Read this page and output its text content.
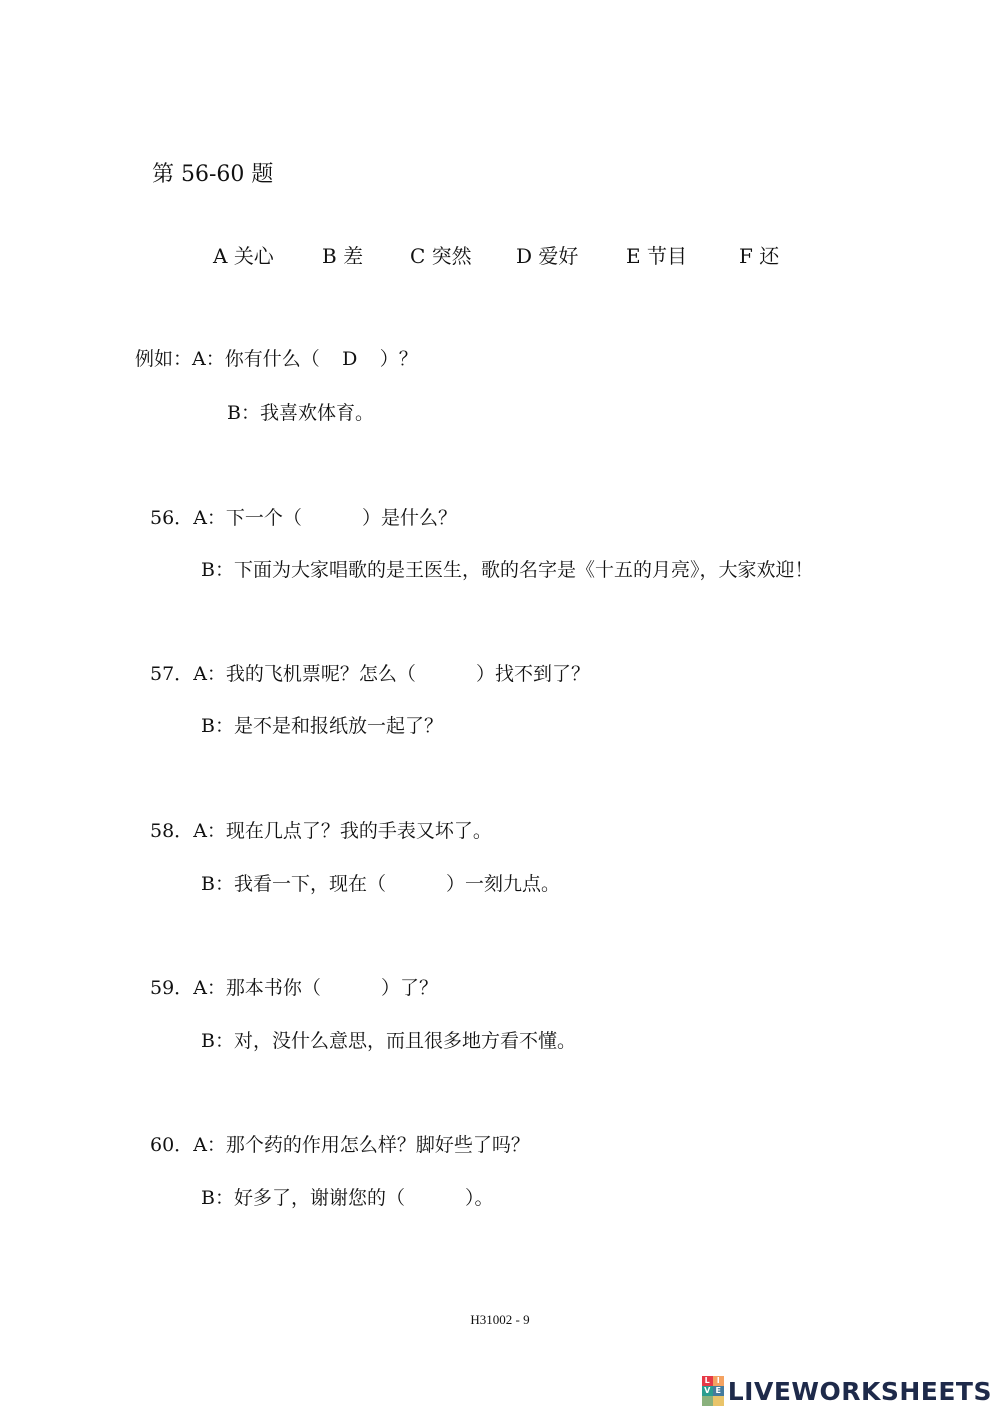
第 56-60 题
A 关心 B 差 C 突然 D 爱好 E 节目	F 还
例如：A：你有什么（ D ）？
B：我喜欢体育。
56．A：下一个（	）是什么？
B：下面为大家唱歌的是王医生，歌的名字是《十五的月亮》，大家欢迎！
57．A：我的飞机票呢？怎么（	）找不到了？
B：是不是和报纸放一起了？
58．A：现在几点了？我的手表又坏了。
B：我看一下，现在（	）一刻九点。
59．A：那本书你（	）了？
B：对，没什么意思，而且很多地方看不懂。
60．A：那个药的作用怎么样？脚好些了吗？
B：好多了，谢谢您的（	）。
H31002 - 9
L I
V E LIVEWORKSHEETS
